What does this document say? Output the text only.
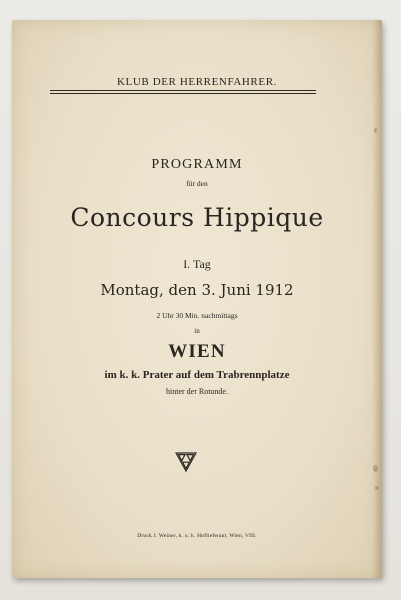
KLUB DER HERRENFAHRER.
PROGRAMM
für den
Concours Hippique
I. Tag
Montag, den 3. Juni 1912
2 Uhr 30 Min. nachmittags
in
WIEN
im k. k. Prater auf dem Trabrennplatze
hinter der Rotunde.
Druck J. Weiner, k. u. k. Hoflieferant, Wien, VIII.
